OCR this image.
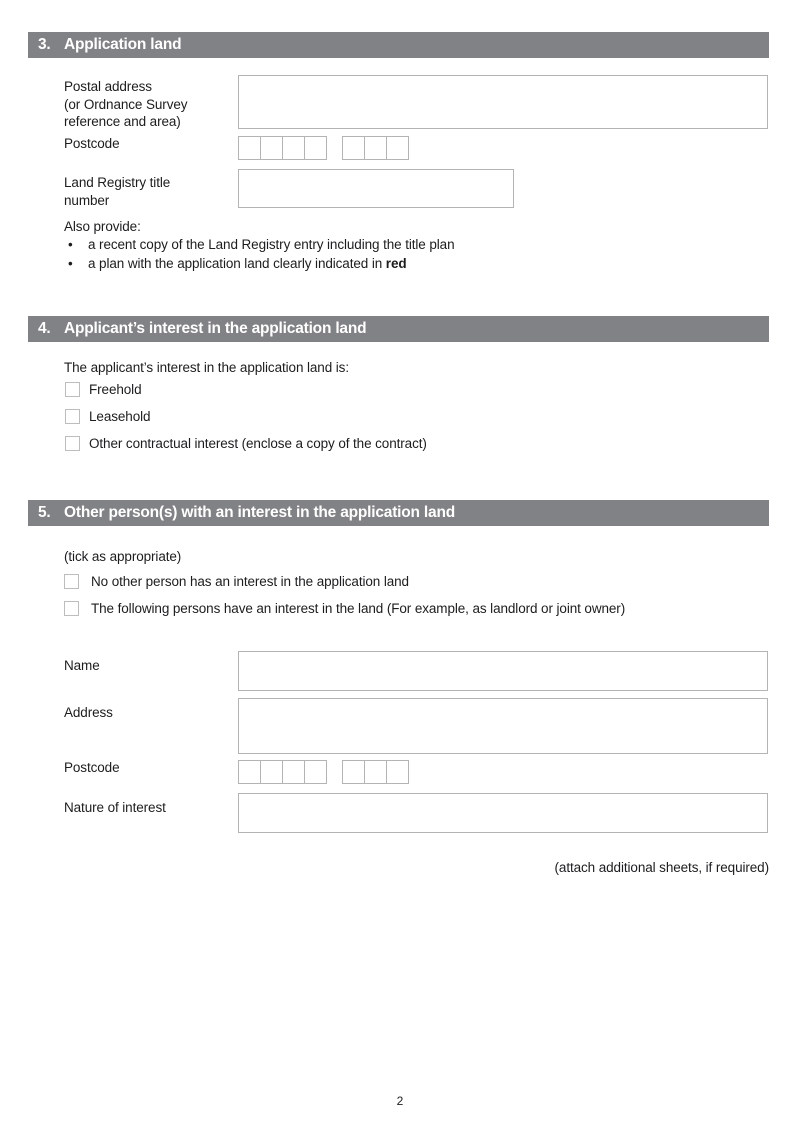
3. Application land
Postal address
(or Ordnance Survey
reference and area)
Postcode
Land Registry title
number
Also provide:
• a recent copy of the Land Registry entry including the title plan
• a plan with the application land clearly indicated in red
4. Applicant’s interest in the application land
The applicant’s interest in the application land is:
Freehold
Leasehold
Other contractual interest (enclose a copy of the contract)
5. Other person(s) with an interest in the application land
(tick as appropriate)
No other person has an interest in the application land
The following persons have an interest in the land (For example, as landlord or joint owner)
Name
Address
Postcode
Nature of interest
(attach additional sheets, if required)
2
